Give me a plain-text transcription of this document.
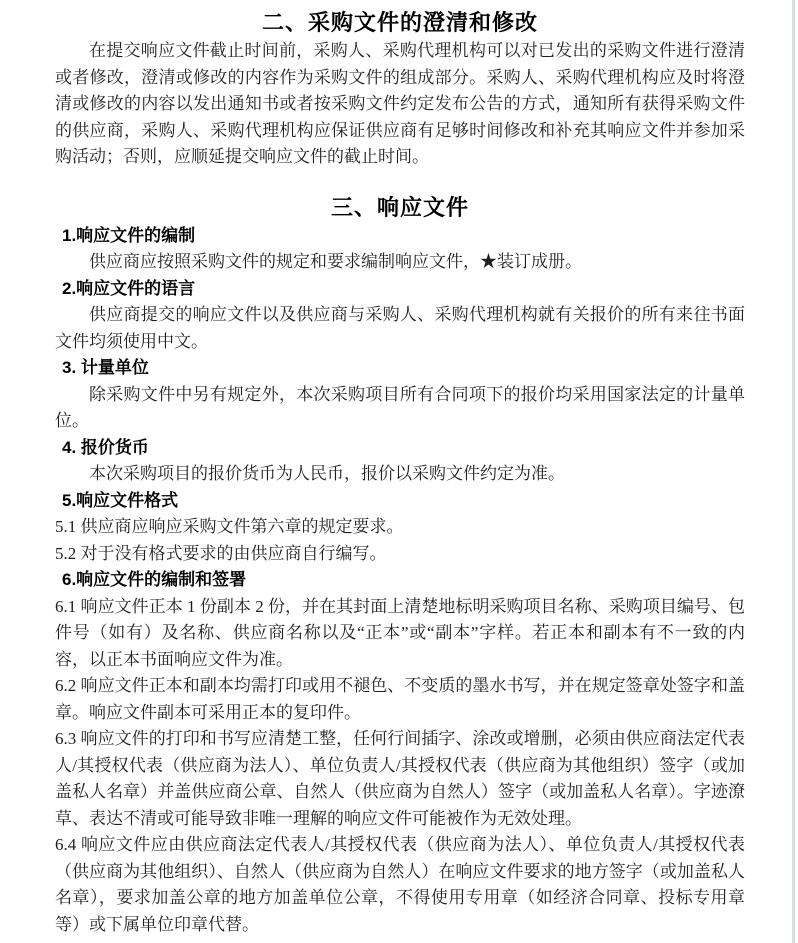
二、采购文件的澄清和修改

在提交响应文件截止时间前，采购人、采购代理机构可以对已发出的采购文件进行澄清或者修改，澄清或修改的内容作为采购文件的组成部分。采购人、采购代理机构应及时将澄清或修改的内容以发出通知书或者按采购文件约定发布公告的方式，通知所有获得采购文件的供应商，采购人、采购代理机构应保证供应商有足够时间修改和补充其响应文件并参加采购活动；否则，应顺延提交响应文件的截止时间。

三、响应文件
1.响应文件的编制

供应商应按照采购文件的规定和要求编制响应文件，★装订成册。

2.响应文件的语言

供应商提交的响应文件以及供应商与采购人、采购代理机构就有关报价的所有来往书面文件均须使用中文。

3. 计量单位

除采购文件中另有规定外，本次采购项目所有合同项下的报价均采用国家法定的计量单位。

4. 报价货币

本次采购项目的报价货币为人民币，报价以采购文件约定为准。

5.响应文件格式

5.1 供应商应响应采购文件第六章的规定要求。

5.2 对于没有格式要求的由供应商自行编写。

6.响应文件的编制和签署

6.1 响应文件正本 1 份副本 2 份，并在其封面上清楚地标明采购项目名称、采购项目编号、包件号（如有）及名称、供应商名称以及“正本”或“副本”字样。若正本和副本有不一致的内容，以正本书面响应文件为准。

6.2 响应文件正本和副本均需打印或用不褪色、不变质的墨水书写，并在规定签章处签字和盖章。响应文件副本可采用正本的复印件。

6.3 响应文件的打印和书写应清楚工整，任何行间插字、涂改或增删，必须由供应商法定代表人/其授权代表（供应商为法人）、单位负责人/其授权代表（供应商为其他组织）签字（或加盖私人名章）并盖供应商公章、自然人（供应商为自然人）签字（或加盖私人名章）。字迹潦草、表达不清或可能导致非唯一理解的响应文件可能被作为无效处理。

6.4 响应文件应由供应商法定代表人/其授权代表（供应商为法人）、单位负责人/其授权代表（供应商为其他组织）、自然人（供应商为自然人）在响应文件要求的地方签字（或加盖私人名章），要求加盖公章的地方加盖单位公章，不得使用专用章（如经济合同章、投标专用章等）或下属单位印章代替。
